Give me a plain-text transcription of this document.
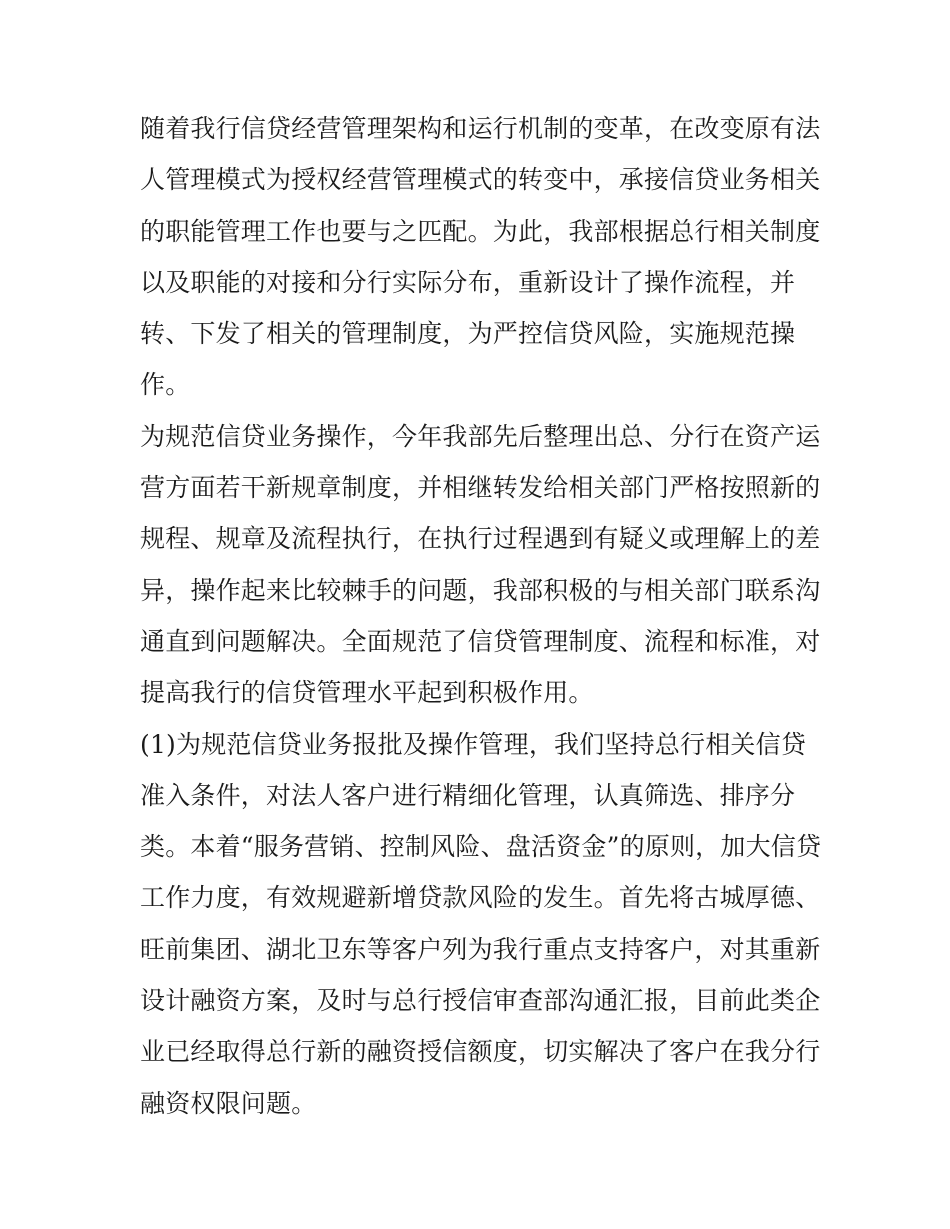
随着我行信贷经营管理架构和运行机制的变革，在改变原有法
人管理模式为授权经营管理模式的转变中，承接信贷业务相关
的职能管理工作也要与之匹配。为此，我部根据总行相关制度
以及职能的对接和分行实际分布，重新设计了操作流程，并
转、下发了相关的管理制度，为严控信贷风险，实施规范操
作。
为规范信贷业务操作，今年我部先后整理出总、分行在资产运
营方面若干新规章制度，并相继转发给相关部门严格按照新的
规程、规章及流程执行，在执行过程遇到有疑义或理解上的差
异，操作起来比较棘手的问题，我部积极的与相关部门联系沟
通直到问题解决。全面规范了信贷管理制度、流程和标准，对
提高我行的信贷管理水平起到积极作用。
(1)为规范信贷业务报批及操作管理，我们坚持总行相关信贷
准入条件，对法人客户进行精细化管理，认真筛选、排序分
类。本着“服务营销、控制风险、盘活资金”的原则，加大信贷
工作力度，有效规避新增贷款风险的发生。首先将古城厚德、
旺前集团、湖北卫东等客户列为我行重点支持客户，对其重新
设计融资方案，及时与总行授信审查部沟通汇报，目前此类企
业已经取得总行新的融资授信额度，切实解决了客户在我分行
融资权限问题。
